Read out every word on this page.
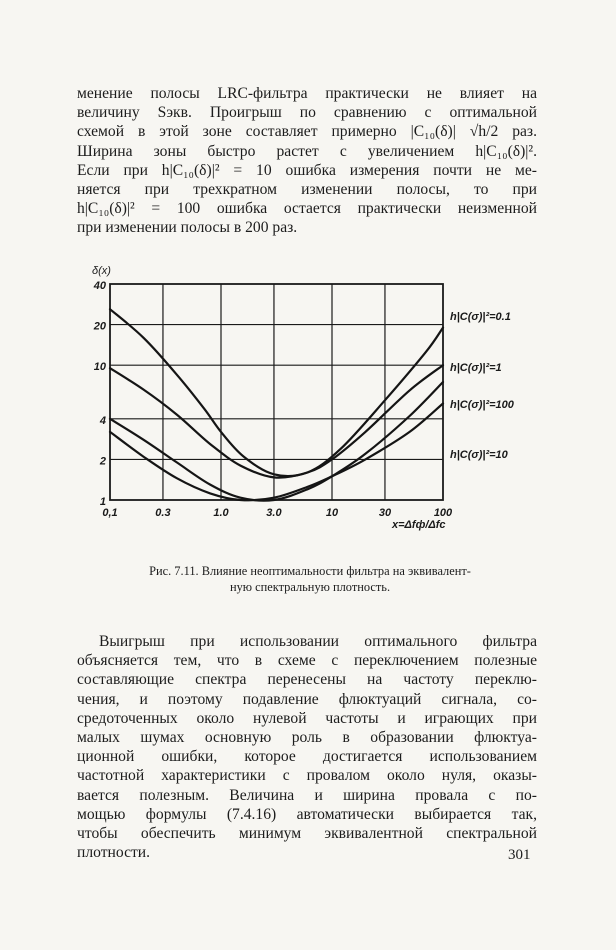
менение полосы LRC-фильтра практически не влияет на
величину Sэкв. Проигрыш по сравнению с оптимальной
схемой в этой зоне составляет примерно |C₁₀(δ)| √h/2 раз.
Ширина зоны быстро растет с увеличением h|C₁₀(δ)|².
Если при h|C₁₀(δ)|² = 10 ошибка измерения почти не ме-
няется при трехкратном изменении полосы, то при
h|C₁₀(δ)|² = 100 ошибка остается практически неизменной
при изменении полосы в 200 раз.
0,1	0.3	1.0	3.0	10	30	100
1
2
4
10
20
40
δ(x)
x=Δfф/Δfc
h|C(σ)|²=0.1
h|C(σ)|²=1
h|C(σ)|²=100
h|C(σ)|²=10
Рис. 7.11. Влияние неоптимальности фильтра на эквивалент-
ную спектральную плотность.
Выигрыш при использовании оптимального фильтра
объясняется тем, что в схеме с переключением полезные
составляющие спектра перенесены на частоту переклю-
чения, и поэтому подавление флюктуаций сигнала, со-
средоточенных около нулевой частоты и играющих при
малых шумах основную роль в образовании флюктуа-
ционной ошибки, которое достигается использованием
частотной характеристики с провалом около нуля, оказы-
вается полезным. Величина и ширина провала с по-
мощью формулы (7.4.16) автоматически выбирается так,
чтобы обеспечить минимум эквивалентной спектральной
плотности.	301
